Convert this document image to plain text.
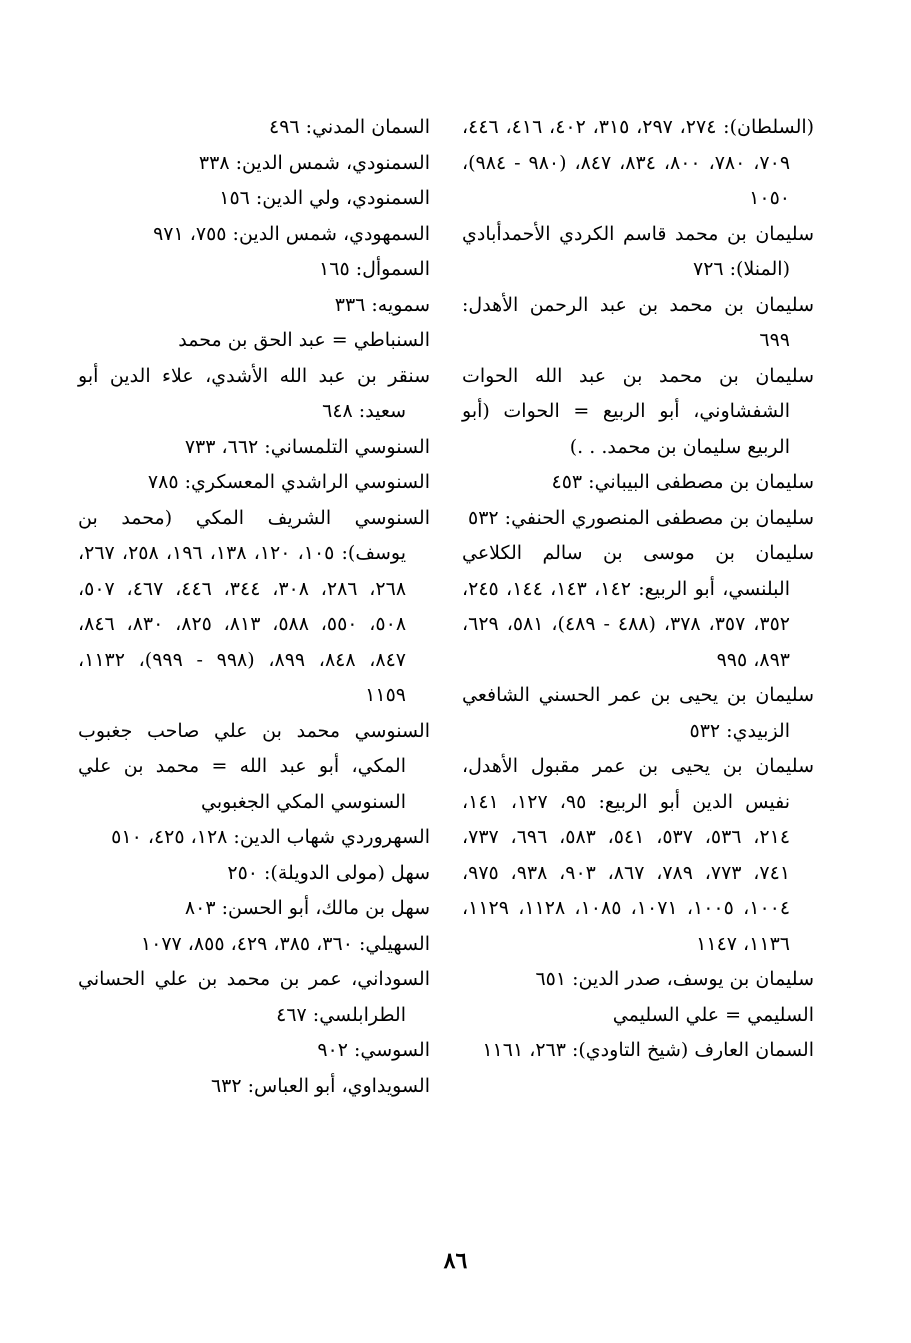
(السلطان): ٢٧٤، ٢٩٧، ٣١٥، ٤٠٢، ٤١٦، ٤٤٦، ٧٠٩، ٧٨٠، ٨٠٠، ٨٣٤، ٨٤٧، (٩٨٠ - ٩٨٤)، ١٠٥٠

سليمان بن محمد قاسم الكردي الأحمدأبادي (المنلا): ٧٢٦

سليمان بن محمد بن عبد الرحمن الأهدل: ٦٩٩

سليمان بن محمد بن عبد الله الحوات الشفشاوني، أبو الربيع = الحوات (أبو الربيع سليمان بن محمد. . .)

سليمان بن مصطفى البيباني: ٤٥٣

سليمان بن مصطفى المنصوري الحنفي: ٥٣٢

سليمان بن موسى بن سالم الكلاعي البلنسي، أبو الربيع: ١٤٢، ١٤٣، ١٤٤، ٢٤٥، ٣٥٢، ٣٥٧، ٣٧٨، (٤٨٨ - ٤٨٩)، ٥٨١، ٦٢٩، ٨٩٣، ٩٩٥

سليمان بن يحيى بن عمر الحسني الشافعي الزبيدي: ٥٣٢

سليمان بن يحيى بن عمر مقبول الأهدل، نفيس الدين أبو الربيع: ٩٥، ١٢٧، ١٤١، ٢١٤، ٥٣٦، ٥٣٧، ٥٤١، ٥٨٣، ٦٩٦، ٧٣٧، ٧٤١، ٧٧٣، ٧٨٩، ٨٦٧، ٩٠٣، ٩٣٨، ٩٧٥، ١٠٠٤، ١٠٠٥، ١٠٧١، ١٠٨٥، ١١٢٨، ١١٢٩، ١١٣٦، ١١٤٧

سليمان بن يوسف، صدر الدين: ٦٥١

السليمي = علي السليمي

السمان العارف (شيخ التاودي): ٢٦٣، ١١٦١

السمان المدني: ٤٩٦

السمنودي، شمس الدين: ٣٣٨

السمنودي، ولي الدين: ١٥٦

السمهودي، شمس الدين: ٧٥٥، ٩٧١

السموأل: ١٦٥

سمويه: ٣٣٦

السنباطي = عبد الحق بن محمد

سنقر بن عبد الله الأشدي، علاء الدين أبو سعيد: ٦٤٨

السنوسي التلمساني: ٦٦٢، ٧٣٣

السنوسي الراشدي المعسكري: ٧٨٥

السنوسي الشريف المكي (محمد بن يوسف): ١٠٥، ١٢٠، ١٣٨، ١٩٦، ٢٥٨، ٢٦٧، ٢٦٨، ٢٨٦، ٣٠٨، ٣٤٤، ٤٤٦، ٤٦٧، ٥٠٧، ٥٠٨، ٥٥٠، ٥٨٨، ٨١٣، ٨٢٥، ٨٣٠، ٨٤٦، ٨٤٧، ٨٤٨، ٨٩٩، (٩٩٨ - ٩٩٩)، ١١٣٢، ١١٥٩

السنوسي محمد بن علي صاحب جغبوب المكي، أبو عبد الله = محمد بن علي السنوسي المكي الجغبوبي

السهروردي شهاب الدين: ١٢٨، ٤٢٥، ٥١٠

سهل (مولى الدويلة): ٢٥٠

سهل بن مالك، أبو الحسن: ٨٠٣

السهيلي: ٣٦٠، ٣٨٥، ٤٢٩، ٨٥٥، ١٠٧٧

السوداني، عمر بن محمد بن علي الحساني الطرابلسي: ٤٦٧

السوسي: ٩٠٢

السويداوي، أبو العباس: ٦٣٢

٨٦
